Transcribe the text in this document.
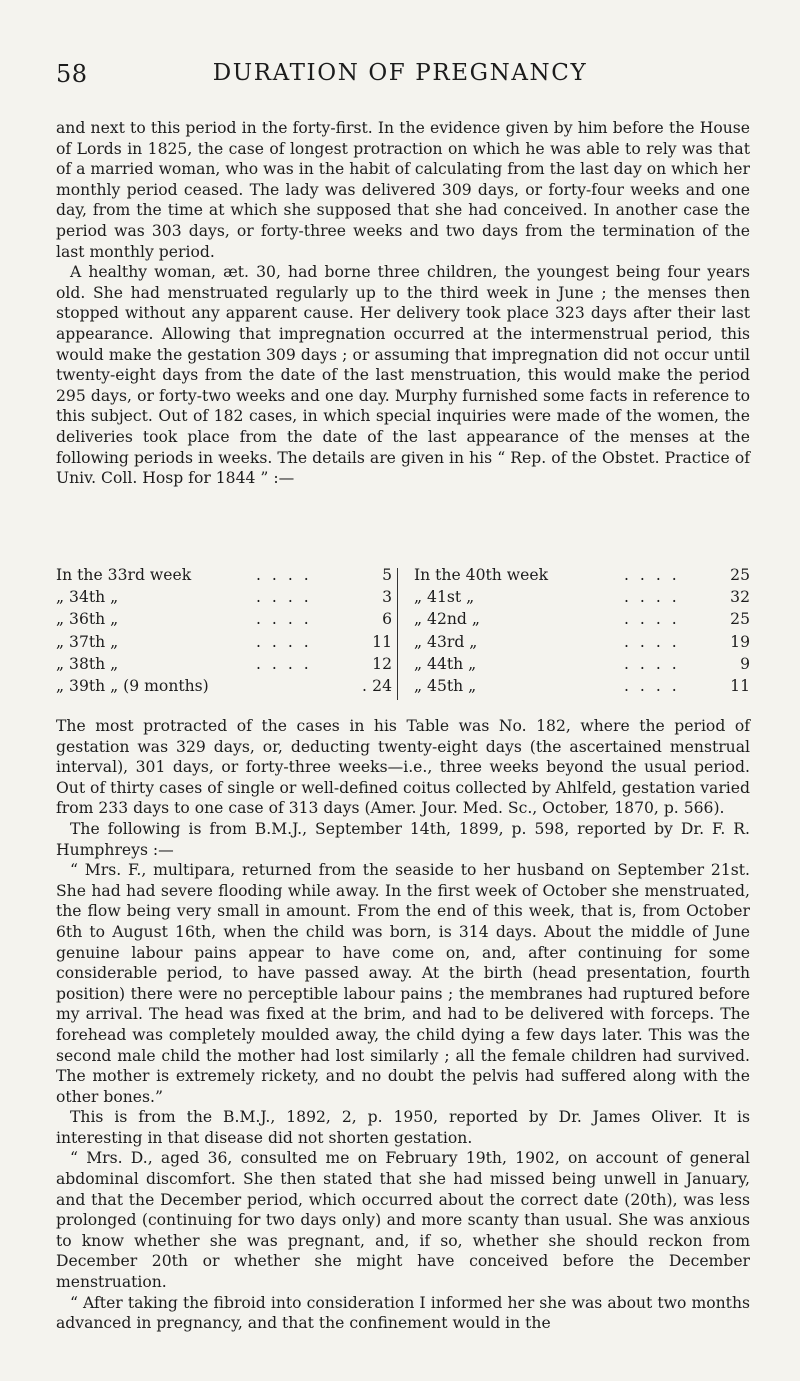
58	DURATION OF PREGNANCY

and next to this period in the forty-first. In the evidence given by him before the House of Lords in 1825, the case of longest protraction on which he was able to rely was that of a married woman, who was in the habit of calculating from the last day on which her monthly period ceased. The lady was delivered 309 days, or forty-four weeks and one day, from the time at which she supposed that she had conceived. In another case the period was 303 days, or forty-three weeks and two days from the termination of the last monthly period.

A healthy woman, æt. 30, had borne three children, the youngest being four years old. She had menstruated regularly up to the third week in June ; the menses then stopped without any apparent cause. Her delivery took place 323 days after their last appearance. Allowing that impregnation occurred at the intermenstrual period, this would make the gestation 309 days ; or assuming that impregnation did not occur until twenty-eight days from the date of the last menstruation, this would make the period 295 days, or forty-two weeks and one day. Murphy furnished some facts in reference to this subject. Out of 182 cases, in which special inquiries were made of the women, the deliveries took place from the date of the last appearance of the menses at the following periods in weeks. The details are given in his “ Rep. of the Obstet. Practice of Univ. Coll. Hosp for 1844 ” :—

In the 33rd week	. . . .	5
„ 34th „	. . . .	3
„ 36th „	. . . .	6
„ 37th „	. . . .	11
„ 38th „	. . . .	12
„ 39th „ (9 months)	. 24
In the 40th week	. . . .	25
„ 41st „	. . . .	32
„ 42nd „	. . . .	25
„ 43rd „	. . . .	19
„ 44th „	. . . .	9
„ 45th „	. . . .	11

The most protracted of the cases in his Table was No. 182, where the period of gestation was 329 days, or, deducting twenty-eight days (the ascertained menstrual interval), 301 days, or forty-three weeks—i.e., three weeks beyond the usual period. Out of thirty cases of single or well-defined coitus collected by Ahlfeld, gestation varied from 233 days to one case of 313 days (Amer. Jour. Med. Sc., October, 1870, p. 566).

The following is from B.M.J., September 14th, 1899, p. 598, reported by Dr. F. R. Humphreys :—

“ Mrs. F., multipara, returned from the seaside to her husband on September 21st. She had had severe flooding while away. In the first week of October she menstruated, the flow being very small in amount. From the end of this week, that is, from October 6th to August 16th, when the child was born, is 314 days. About the middle of June genuine labour pains appear to have come on, and, after continuing for some considerable period, to have passed away. At the birth (head presentation, fourth position) there were no perceptible labour pains ; the membranes had ruptured before my arrival. The head was fixed at the brim, and had to be delivered with forceps. The forehead was completely moulded away, the child dying a few days later. This was the second male child the mother had lost similarly ; all the female children had survived. The mother is extremely rickety, and no doubt the pelvis had suffered along with the other bones.”

This is from the B.M.J., 1892, 2, p. 1950, reported by Dr. James Oliver. It is interesting in that disease did not shorten gestation.

“ Mrs. D., aged 36, consulted me on February 19th, 1902, on account of general abdominal discomfort. She then stated that she had missed being unwell in January, and that the December period, which occurred about the correct date (20th), was less prolonged (continuing for two days only) and more scanty than usual. She was anxious to know whether she was pregnant, and, if so, whether she should reckon from December 20th or whether she might have conceived before the December menstruation.

“ After taking the fibroid into consideration I informed her she was about two months advanced in pregnancy, and that the confinement would in the
